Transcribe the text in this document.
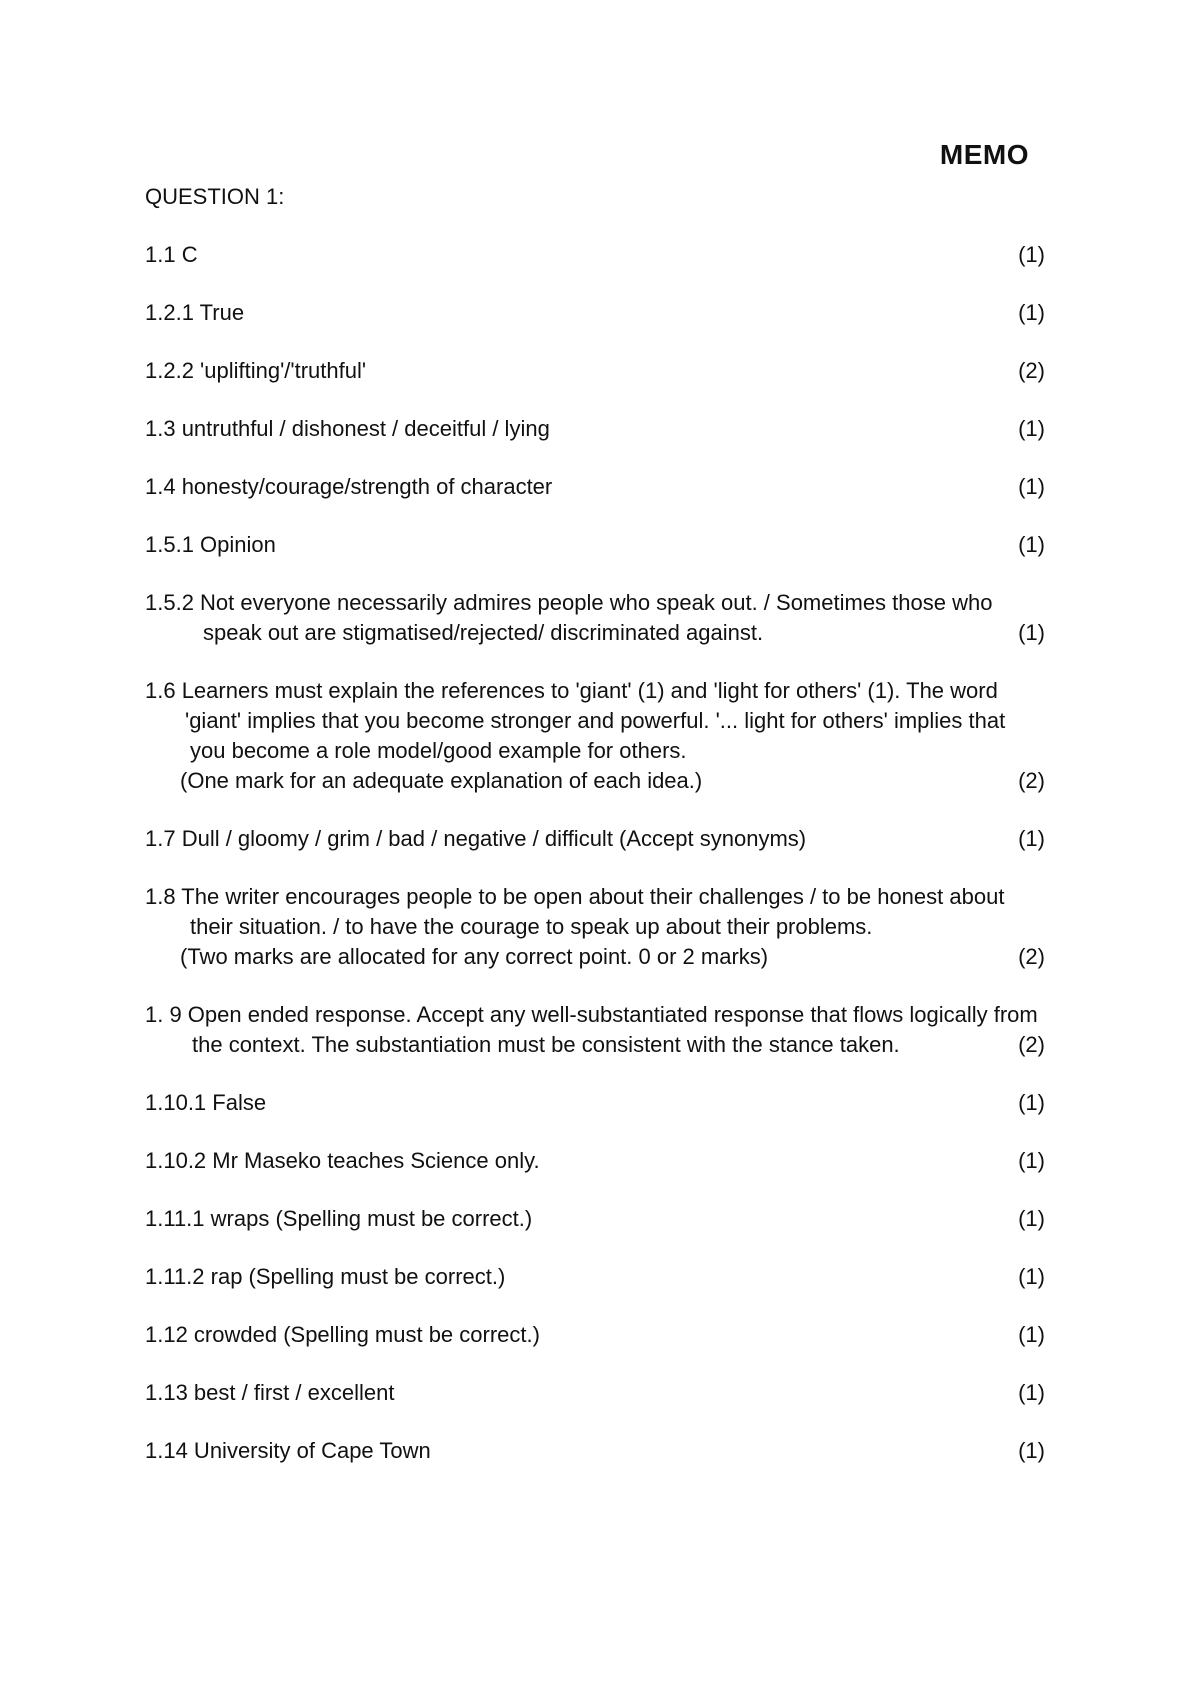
MEMO
QUESTION 1:
1.1 C	(1)
1.2.1 True	(1)
1.2.2 'uplifting'/'truthful'	(2)
1.3 untruthful / dishonest / deceitful / lying	(1)
1.4 honesty/courage/strength of character	(1)
1.5.1 Opinion	(1)
1.5.2 Not everyone necessarily admires people who speak out. / Sometimes those who
speak out are stigmatised/rejected/ discriminated against.	(1)
1.6 Learners must explain the references to 'giant' (1) and 'light for others' (1). The word
'giant' implies that you become stronger and powerful. '... light for others' implies that
you become a role model/good example for others.
(One mark for an adequate explanation of each idea.)	(2)
1.7 Dull / gloomy / grim / bad / negative / difficult (Accept synonyms)	(1)
1.8 The writer encourages people to be open about their challenges / to be honest about
their situation. / to have the courage to speak up about their problems.
(Two marks are allocated for any correct point. 0 or 2 marks)	(2)
1. 9 Open ended response. Accept any well-substantiated response that flows logically from
the context. The substantiation must be consistent with the stance taken.	(2)
1.10.1 False	(1)
1.10.2 Mr Maseko teaches Science only.	(1)
1.11.1 wraps (Spelling must be correct.)	(1)
1.11.2 rap (Spelling must be correct.)	(1)
1.12 crowded (Spelling must be correct.)	(1)
1.13 best / first / excellent	(1)
1.14 University of Cape Town	(1)
